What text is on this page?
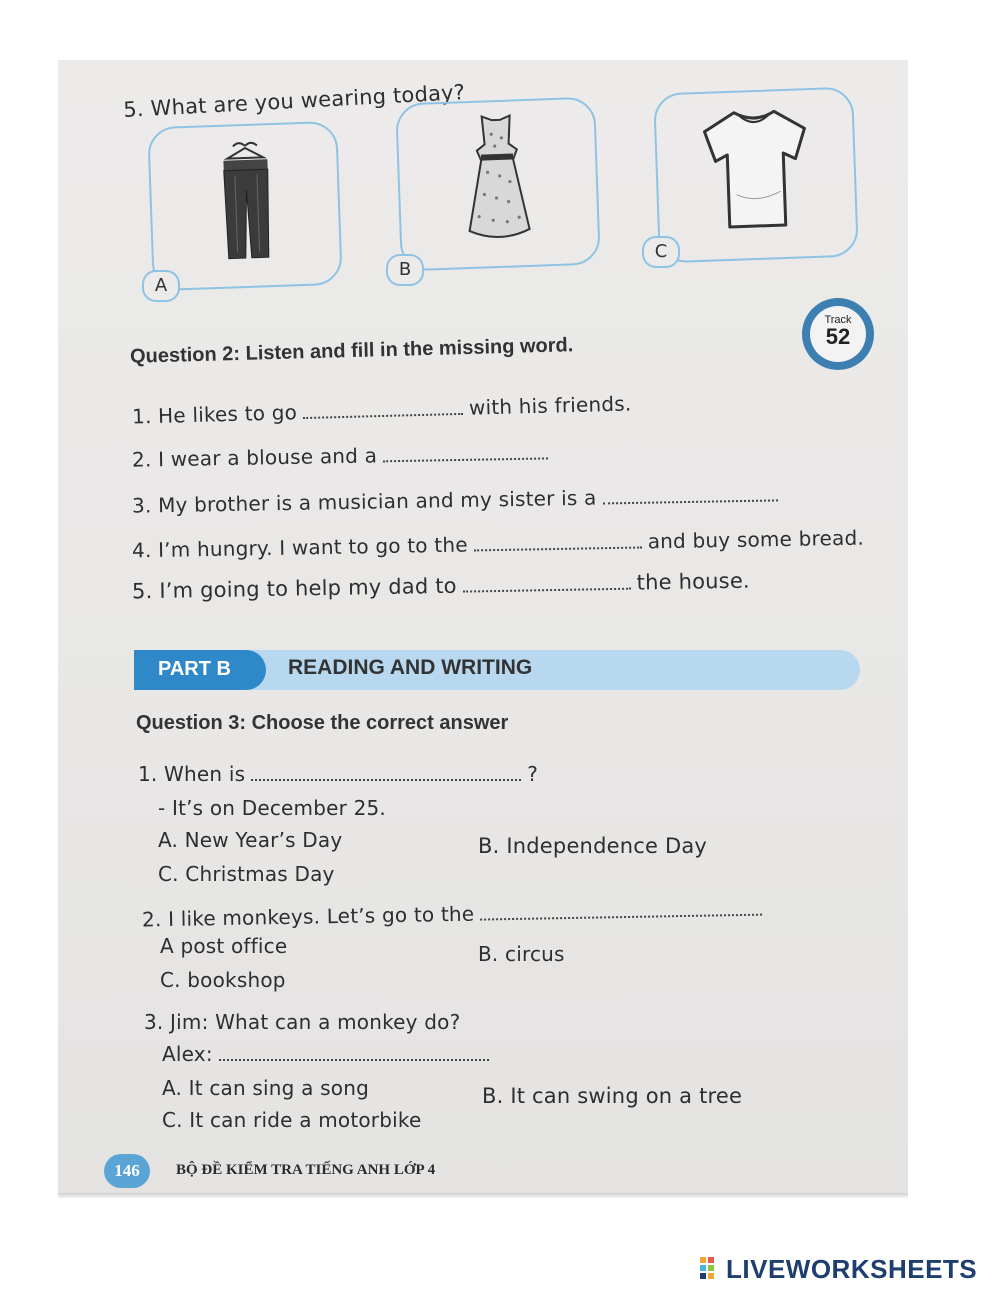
5. What are you wearing today?
A
B
C
Track
52
Question 2: Listen and fill in the missing word.
1. He likes to go	with his friends.
2. I wear a blouse and a
3. My brother is a musician and my sister is a
4. I’m hungry. I want to go to the	and buy some bread.
5. I’m going to help my dad to	the house.
PART B	READING AND WRITING
Question 3: Choose the correct answer
1. When is	?
- It’s on December 25.
A. New Year’s Day	B. Independence Day
C. Christmas Day
2. I like monkeys. Let’s go to the
A post office	B. circus
C. bookshop
3. Jim: What can a monkey do?
Alex:
A. It can sing a song	B. It can swing on a tree
C. It can ride a motorbike
146	BỘ ĐỀ KIỂM TRA TIẾNG ANH LỚP 4
LIVEWORKSHEETS
